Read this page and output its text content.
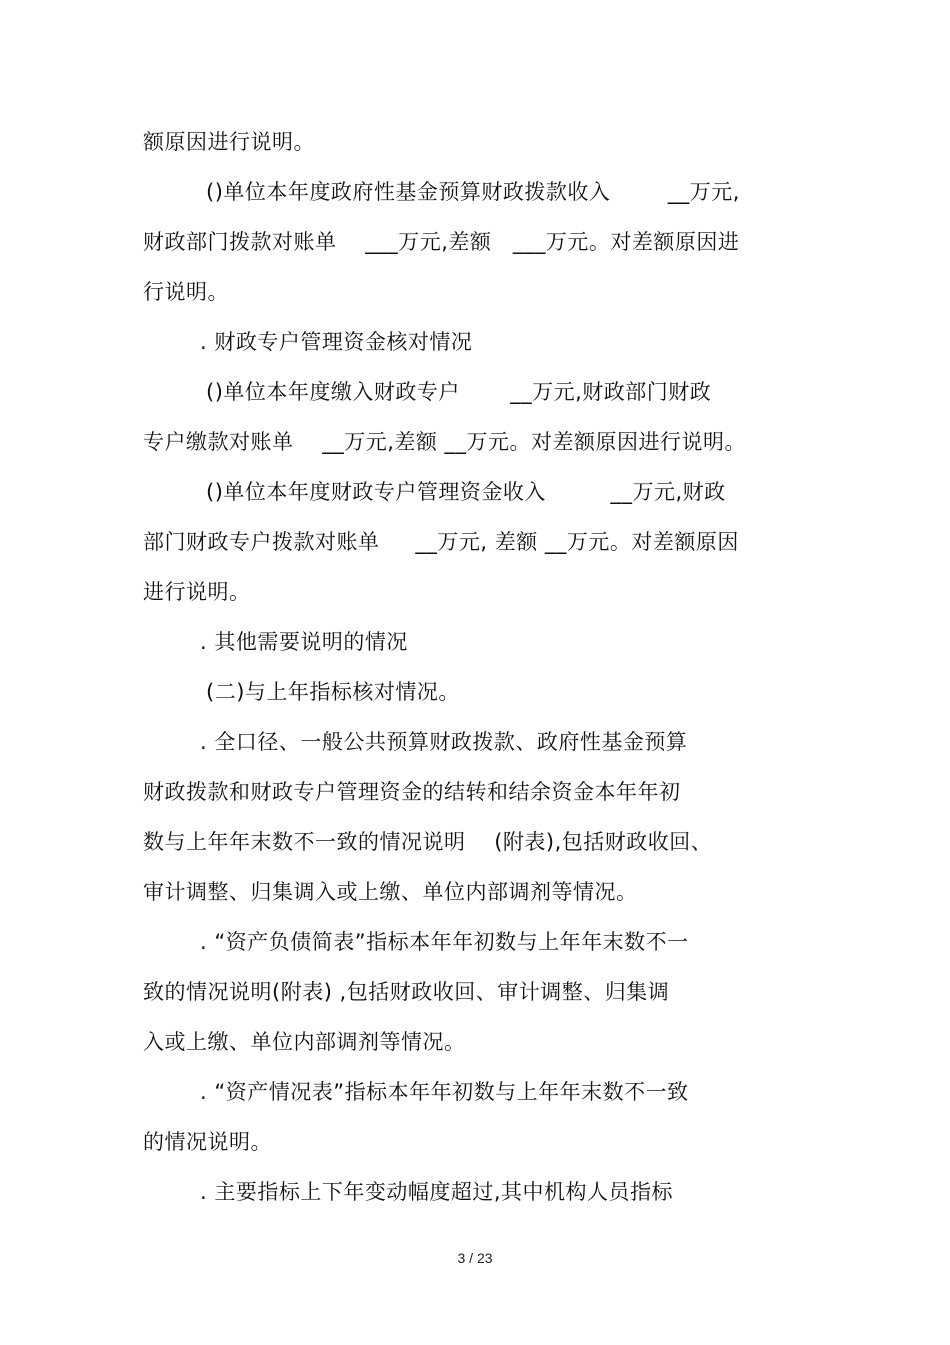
额原因进行说明。
()单位本年度政府性基金预算财政拨款收入        __万元,
财政部门拨款对账单    ___万元,差额   ___万元。对差额原因进
行说明。
. 财政专户管理资金核对情况
()单位本年度缴入财政专户       __万元,财政部门财政
专户缴款对账单    __万元,差额 __万元。对差额原因进行说明。
()单位本年度财政专户管理资金收入         __万元,财政
部门财政专户拨款对账单     __万元, 差额 __万元。对差额原因
进行说明。
. 其他需要说明的情况
(二)与上年指标核对情况。
. 全口径、一般公共预算财政拨款、政府性基金预算
财政拨款和财政专户管理资金的结转和结余资金本年年初
数与上年年末数不一致的情况说明    (附表),包括财政收回、
审计调整、归集调入或上缴、单位内部调剂等情况。
. “资产负债简表”指标本年年初数与上年年末数不一
致的情况说明(附表) ,包括财政收回、审计调整、归集调
入或上缴、单位内部调剂等情况。
. “资产情况表”指标本年年初数与上年年末数不一致
的情况说明。
. 主要指标上下年变动幅度超过,其中机构人员指标
3 / 23
